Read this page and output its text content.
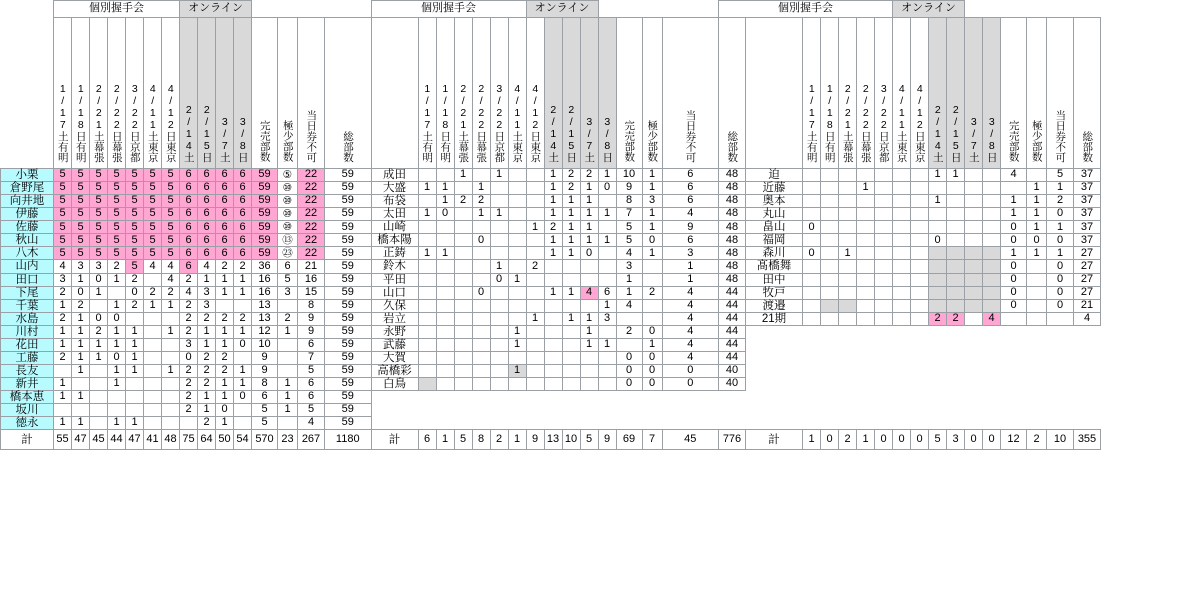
	個別握手会							オンライン								個別握手会							オンライン								個別握手会							オンライン									
	1/17土有明	1/18日有明	2/21土幕張	2/22日幕張	3/22日京都	4/11土東京	4/12日東京	2/14土	2/15日	3/7土	3/8日	完売部数	極少部数	当日券不可	総部数		1/17土有明	1/18日有明	2/21土幕張	2/22日幕張	3/22日京都	4/11土東京	4/12日東京	2/14土	2/15日	3/7土	3/8日	完売部数	極少部数	当日券不可	総部数		1/17土有明	1/18日有明	2/21土幕張	2/22日幕張	3/22日京都	4/11土東京	4/12日東京	2/14土	2/15日	3/7土	3/8日	完売部数	極少部数	当日券不可	総部数
小栗	5	5	5	5	5	5	5	6	6	6	6	59	⑤	22	59	成田			1		1			1	2	2	1	10	1	6	48	迫								1	1			4		5	37
倉野尾	5	5	5	5	5	5	5	6	6	6	6	59	⑩	22	59	大盛	1	1		1				1	2	1	0	9	1	6	48	近藤				1									1	1	37
向井地	5	5	5	5	5	5	5	6	6	6	6	59	⑩	22	59	布袋		1	2	2				1	1	1		8	3	6	48	奥本								1				1	1	2	37
伊藤	5	5	5	5	5	5	5	6	6	6	6	59	⑩	22	59	太田	1	0		1	1			1	1	1	1	7	1	4	48	丸山												1	1	0	37
佐藤	5	5	5	5	5	5	5	6	6	6	6	59	⑩	22	59	山崎							1	2	1	1		5	1	9	48	畠山	0											0	1	1	37
秋山	5	5	5	5	5	5	5	6	6	6	6	59	⑬	22	59	橋本陽				0				1	1	1	1	5	0	6	48	福岡								0				0	0	0	37
八木	5	5	5	5	5	5	5	6	6	6	6	59	㉓	22	59	正鋳	1	1						1	1	0		4	1	3	48	森川	0		1									1	1	1	27
山内	4	3	3	2	5	4	4	6	4	2	2	36	6	21	59	鈴木					1		2					3		1	48	髙橋舞												0		0	27
田口	3	1	0	1	2		4	2	1	1	1	16	5	16	59	平田					0	1						1		1	48	田中												0		0	27
下尾	2	0	1		0	2	2	4	3	1	1	16	3	15	59	山口				0				1	1	4	6	1	2	4	44	牧戸												0		0	27
千葉	1	2		1	2	1	1	2	3			13		8	59	久保											1	4		4	44	渡邉												0		0	21
水島	2	1	0	0				2	2	2	2	13	2	9	59	岩立							1		1	1	3			4	44	21期								2	2		4				4
川村	1	1	2	1	1		1	2	1	1	1	12	1	9	59	永野						1				1		2	0	4	44																
花田	1	1	1	1	1			3	1	1	0	10		6	59	武藤						1				1	1		1	4	44																
工藤	2	1	1	0	1			0	2	2		9		7	59	大賀												0	0	4	44																
長友		1		1	1		1	2	2	2	1	9		5	59	高橋彩						1						0	0	0	40																
新井	1			1				2	2	1	1	8	1	6	59	白鳥												0	0	0	40																
橋本恵	1	1						2	1	1	0	6	1	6	59																																
坂川								2	1	0		5	1	5	59																																
徳永	1	1		1	1				2	1		5		4	59																																
計	55	47	45	44	47	41	48	75	64	50	54	570	23	267	1180	計	6	1	5	8	2	1	9	13	10	5	9	69	7	45	776	計	1	0	2	1	0	0	0	5	3	0	0	12	2	10	355
